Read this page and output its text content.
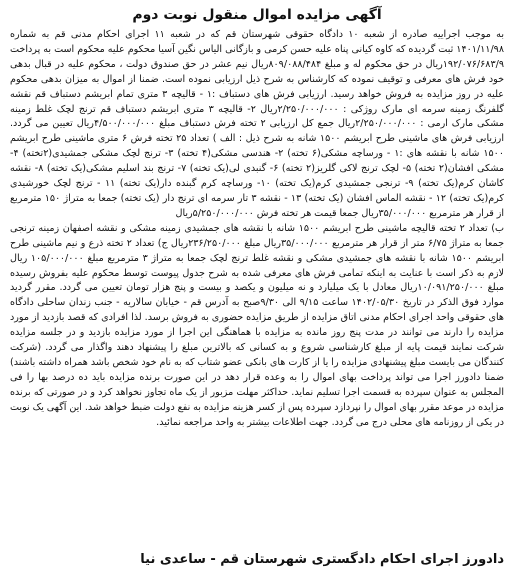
آگهی مزایده اموال منقول نوبت دوم

به موجب اجراییه صادره از شعبه ۱۰ دادگاه حقوقی شهرستان قم که در شعبه ۱۱ اجرای احکام مدنی قم به شماره ۱۴۰۱/۱۱/۹۸ ثبت گردیده که کاوه کیانی پناه علیه حسن کرمی و بازگانی الیاس نگین آسیا محکوم علیه محکوم است به پرداخت ۱۹۲/۰۷۶/۶۸۳/۹ریال در حق محکوم له و مبلغ ۸۰۹/۰۸۸/۴۸۴ریال نیم عشر در حق صندوق دولت ، محکوم علیه در قبال بدهی خود فرش های معرفی و توقیف نموده که کارشناس به شرح ذیل ارزیابی نموده است. ضمنا از اموال به میزان بدهی محکوم علیه در روز مزایده به فروش خواهد رسید. ارزیابی فرش های دستباف :۱ - قالیچه ۳ متری تمام ابریشم دستباف قم نقشه گلفرنگ زمینه سرمه ای مارک روژکی : ۲/۲۵۰/۰۰۰/۰۰۰ریال ۲- قالیچه ۳ متری ابریشم دستباف قم ترنج لچک غلط زمینه مشکی مارک ارمی : ۲/۲۵۰/۰۰۰/۰۰۰ریال جمع کل ارزیابی ۲ تخته فرش دستباف مبلغ ۴/۵۰۰/۰۰۰/۰۰۰ریال تعیین می گردد. ارزیابی فرش های ماشینی طرح ابریشم ۱۵۰۰ شانه به شرح ذیل : الف ) تعداد ۲۵ تخته فرش ۶ متری ماشینی طرح ابریشم ۱۵۰۰ شانه با نقشه های :۱ - ورساچه مشکی(۶ تخته) ۲- هندسی مشکی(۴ تخته) ۳- ترنج لچک مشکی جمشیدی(۲تخته) ۴- مشکی افشان(۲ تخته) ۵- لچک ترنج لاکی گلریز(۲ تخته) ۶- گنبدی لی(یک تخته) ۷- ترنج بند اسلیم مشکی(یک تخته) ۸- نقشه کاشان کرم(یک تخته) ۹- ترنجی جمشیدی کرم(یک تخته) ۱۰- ورساچه کرم گبنده دار(یک تخته) ۱۱ - ترنج لچک خورشیدی کرم(یک تخته) ۱۲ - نقشه الماس افشان (یک تخته) ۱۳ - نقشه ۳ تار سرمه ای ترنج دار (یک تخته) جمعا به متراژ ۱۵۰ مترمربع از قرار هر مترمربع ۳۵/۰۰۰/۰۰۰ریال جمعا قیمت هر تخته فرش ۵/۲۵۰/۰۰۰/۰۰۰ریال

ب) تعداد ۲ تخته قالیچه ماشینی طرح ابریشم ۱۵۰۰ شانه با نقشه های جمشیدی زمینه مشکی و نقشه اصفهان زمینه ترنجی جمعا به متراژ ۶/۷۵ متر از قرار هر مترمربع ۳۵/۰۰۰/۰۰۰ریال مبلغ ۲۳۶/۲۵۰/۰۰۰ریال ج) تعداد ۲ تخته ذرع و نیم ماشینی طرح ابریشم ۱۵۰۰ شانه با نقشه های جمشیدی مشکی و نقشه غلط ترنج لچک جمعا به متراژ ۳ مترمربع مبلغ ۱۰۵/۰۰۰/۰۰۰ ریال لازم به ذکر است با عنایت به اینکه تمامی فرش های معرفی شده به شرح جدول پیوست توسط محکوم علیه بفروش رسیده مبلغ ۱۰/۰۹۱/۲۵۰/۰۰۰ریال معادل با یک میلیارد و نه میلیون و یکصد و بیست و پنج هزار تومان تعیین می گردد. مقرر گردید موارد فوق الذکر در تاریخ ۱۴۰۲/۰۵/۳۰ ساعت ۹/۱۵ الی ۹/۳۰صبح به آدرس قم - خیابان سالاریه - جنب زندان ساحلی دادگاه های حقوقی واحد اجرای احکام مدنی اتاق مزایده از طریق مزایده حضوری به فروش برسد. لذا افرادی که قصد بازدید از مورد مزایده را دارند می توانند در مدت پنج روز مانده به مزایده با هماهنگی این اجرا از مورد مزایده بازدید و در جلسه مزایده شرکت نمایند قیمت پایه از مبلغ کارشناسی شروع و به کسانی که بالاترین مبلغ را پیشنهاد دهند واگذار می گردد. (شرکت کنندگان می بایست مبلغ پیشنهادی مزایده را یا از کارت های بانکی عضو شتاب که به نام خود شخص باشد همراه داشته باشند) ضمنا دادورز اجرا می تواند پرداخت بهای اموال را به وعده قرار دهد در این صورت برنده مزایده باید ده درصد بها را فی المجلس به عنوان سپرده به قسمت اجرا تسلیم نماید. حداکثر مهلت مزبور از یک ماه تجاوز نخواهد کرد و در صورتی که برنده مزایده در موعد مقرر بهای اموال را نپردازد سپرده پس از کسر هزینه مزایده به نفع دولت ضبط خواهد شد. این آگهی یک نوبت در یکی از روزنامه های محلی درج می گردد. جهت اطلاعات بیشتر به واحد مراجعه نمائید.

دادورز اجرای احکام دادگستری شهرستان قم - ساعدی نیا
